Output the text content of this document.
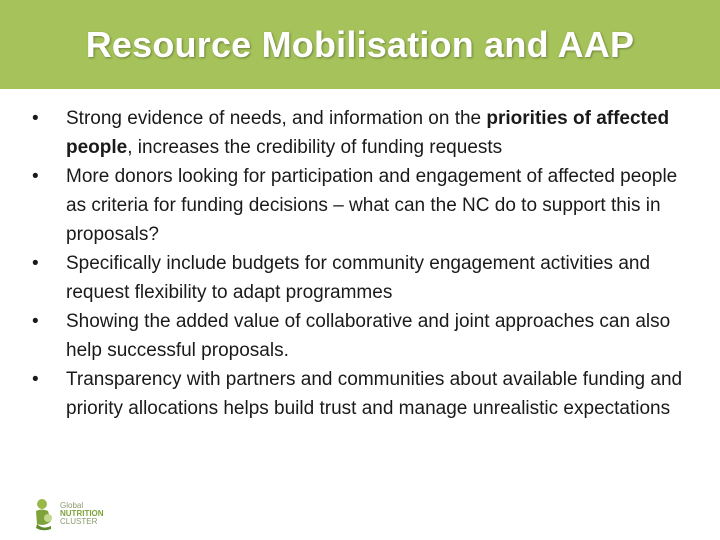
Resource Mobilisation and AAP
• Strong evidence of needs, and information on the priorities of affected people, increases the credibility of funding requests
• More donors looking for participation and engagement of affected people as criteria for funding decisions – what can the NC do to support this in proposals?
• Specifically include budgets for community engagement activities and request flexibility to adapt programmes
• Showing the added value of collaborative and joint approaches can also help successful proposals.
• Transparency with partners and communities about available funding and priority allocations helps build trust and manage unrealistic expectations
Global
NUTRITION
CLUSTER
